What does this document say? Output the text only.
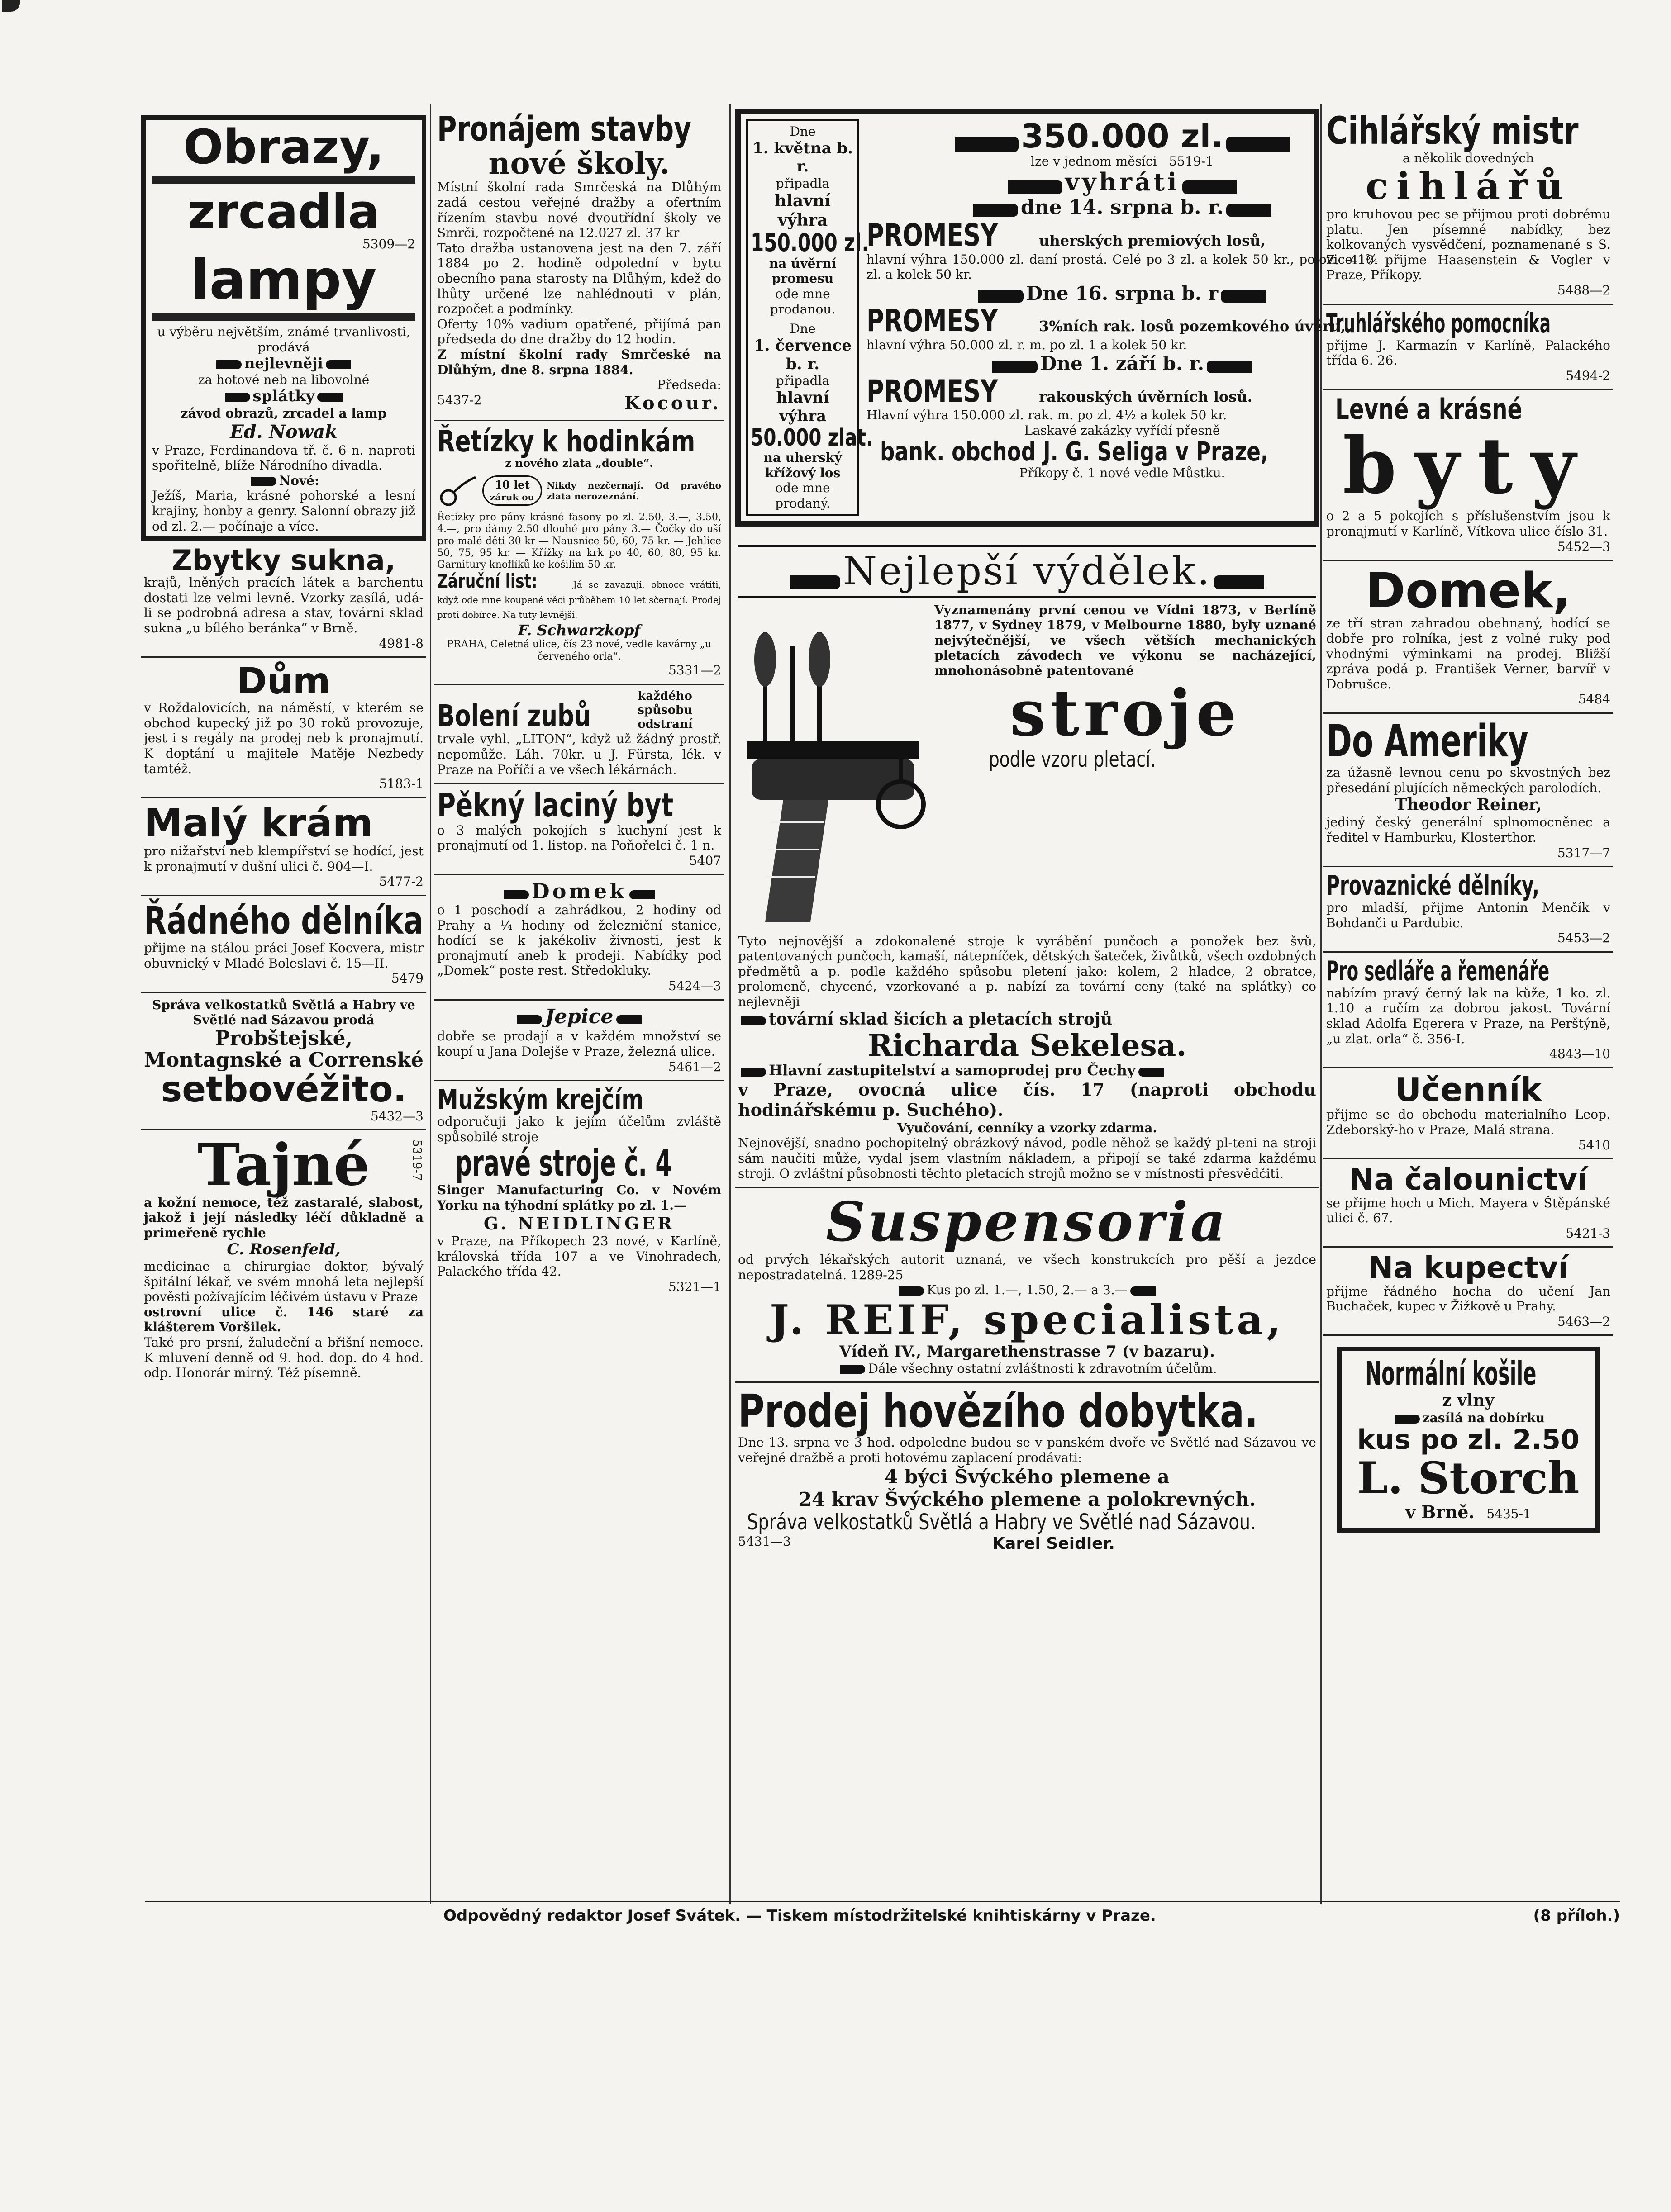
Obrazy,

zrcadla

5309—2

lampy

u výběru největším, známé trvanlivosti, prodává

nejlevněji

za hotové neb na libovolné

splátky

závod obrazů, zrcadel a lamp

Ed. Nowak

v Praze, Ferdinandova tř. č. 6 n. naproti spořitelně, blíže Národního divadla.

Nové:

Ježíš, Maria, krásné pohorské a lesní krajiny, honby a genry. Salonní obrazy již od zl. 2.— počínaje a více.

Zbytky sukna,

krajů, lněných pracích látek a barchentu dostati lze velmi levně. Vzorky zasílá, udá-li se podrobná adresa a stav, továrni sklad sukna „u bílého beránka“ v Brně.

4981-8

Dům

v Roždalovicích, na náměstí, v kterém se obchod kupecký již po 30 roků provozuje, jest i s regály na prodej neb k pronajmutí. K doptání u majitele Matěje Nezbedy tamtéž.

5183-1

Malý krám

pro nižařství neb klempířství se hodící, jest k pronajmutí v dušní ulici č. 904—I.

5477-2

Řádného dělníka

přijme na stálou práci Josef Kocvera, mistr obuvnický v Mladé Boleslavi č. 15—II.

5479

Správa velkostatků Světlá a Habry ve Světlé nad Sázavou prodá

Probštejské, Montagnské a Correnské

setbovéžito.

5432—3

Tajné	5319-7

a kožní nemoce, též zastaralé, slabost, jakož i její následky léčí důkladně a primeřeně rychle

C. Rosenfeld,

medicinae a chirurgiae doktor, bývalý špitální lékař, ve svém mnohá leta nejlepší pověsti požívajícím léčivém ústavu v Praze

ostrovní ulice č. 146 staré za klášterem Voršilek.

Také pro prsní, žaludeční a břišní nemoce. K mluvení denně od 9. hod. dop. do 4 hod. odp. Honorár mírný. Též písemně.

Pronájem stavby

nové školy.

Místní školní rada Smrčeská na Dlůhým zadá cestou veřejné dražby a ofertním řízením stavbu nové dvoutřídní školy ve Smrči, rozpočtené na 12.027 zl. 37 kr

Tato dražba ustanovena jest na den 7. září 1884 po 2. hodině odpolední v bytu obecního pana starosty na Dlůhým, kdež do lhůty určené lze nahlédnouti v plán, rozpočet a podmínky.

Oferty 10% vadium opatřené, přijímá pan předseda do dne dražby do 12 hodin.

Z místní školní rady Smrčeské na Dlůhým, dne 8. srpna 1884.

Předseda:

5437-2	Kocour.

Řetízky k hodinkám

z nového zlata „double“.

10 let
záruk ou

Nikdy nezčernají. Od pravého zlata nerozeznání.

Řetízky pro pány krásné fasony po zl. 2.50, 3.—, 3.50, 4.—, pro dámy 2.50 dlouhé pro pány 3.— Čočky do uší pro malé děti 30 kr — Nausnice 50, 60, 75 kr. — Jehlice 50, 75, 95 kr. — Křížky na krk po 40, 60, 80, 95 kr. Garnitury knoflíků ke košilím 50 kr.

Záruční list:	Já se zavazuji, obnoce vrátiti, když ode mne koupené věci průběhem 10 let sčernají. Prodej proti dobírce. Na tuty levnější.

F. Schwarzkopf

PRAHA, Celetná ulice, čís 23 nové, vedle kavárny „u červeného orla“.

5331—2

Bolení zubů

každého spůsobu odstraní

trvale vyhl. „LITON“, když už žádný prostř. nepomůže. Láh. 70kr. u J. Fürsta, lék. v Praze na Poříčí a ve všech lékárnách.

Pěkný laciný byt

o 3 malých pokojích s kuchyní jest k pronajmutí od 1. listop. na Poňořelci č. 1 n.

5407

Domek

o 1 poschodí a zahrádkou, 2 hodiny od Prahy a ¼ hodiny od železniční stanice, hodící se k jakékoliv živnosti, jest k pronajmutí aneb k prodeji. Nabídky pod „Domek“ poste rest. Středokluky.

5424—3

Jepice

dobře se prodají a v každém množství se koupí u Jana Dolejše v Praze, železná ulice.

5461—2

Mužským krejčím

odporučuji jako k jejím účelům zvláště spůsobilé stroje

pravé stroje č. 4

Singer Manufacturing Co. v Novém Yorku na týhodní splátky po zl. 1.—

G. NEIDLINGER

v Praze, na Příkopech 23 nové, v Karlíně, královská třída 107 a ve Vinohradech, Palackého třída 42.

5321—1

Dne

1. května b. r.

připadla

hlavní výhra

150.000 zl.

na úvěrní promesu

ode mne prodanou.

Dne

1. července b. r.

připadla

hlavní výhra

50.000 zlat.

na uherský křížový los

ode mne prodaný.

350.000 zl.

lze v jednom měsíci 5519-1

vyhráti

dne 14. srpna b. r.

PROMESY	uherských premiových losů,

hlavní výhra 150.000 zl. daní prostá. Celé po 3 zl. a kolek 50 kr., polovice 1¾ zl. a kolek 50 kr.

Dne 16. srpna b. r

PROMESY	3%ních rak. losů pozemkového úvěru,

hlavní výhra 50.000 zl. r. m. po zl. 1 a kolek 50 kr.

Dne 1. září b. r.

PROMESY	rakouských úvěrních losů.

Hlavní výhra 150.000 zl. rak. m. po zl. 4½ a kolek 50 kr.

Laskavé zakázky vyřídí přesně

bank. obchod J. G. Seliga v Praze,

Příkopy č. 1 nové vedle Můstku.

Nejlepší výdělek.

Vyznamenány první cenou ve Vídni 1873, v Berlíně 1877, v Sydney 1879, v Melbourne 1880, byly uznané nejvýtečnější, ve všech větších mechanických pletacích závodech ve výkonu se nacházející, mnohonásobně patentované

stroje

podle vzoru pletací.

Tyto nejnovější a zdokonalené stroje k vyrábění punčoch a ponožek bez švů, patentovaných punčoch, kamaší, nátepníček, dětských šateček, živůtků, všech ozdobných předmětů a p. podle každého spůsobu pletení jako: kolem, 2 hladce, 2 obratce, prolomeně, chycené, vzorkované a p. nabízí za tovární ceny (také na splátky) co nejlevněji

tovární sklad šicích a pletacích strojů

Richarda Sekelesa.

Hlavní zastupitelství a samoprodej pro Čechy

v Praze, ovocná ulice čís. 17 (naproti obchodu hodinářskému p. Suchého).

Vyučování, cenníky a vzorky zdarma.

Nejnovější, snadno pochopitelný obrázkový návod, podle něhož se každý pl-teni na stroji sám naučiti může, vydal jsem vlastním nákladem, a připojí se také zdarma každému stroji. O zvláštní působnosti těchto pletacích strojů možno se v místnosti přesvědčiti.

Suspensoria

od prvých lékařských autorit uznaná, ve všech konstrukcích pro pěší a jezdce nepostradatelná. 1289-25

Kus po zl. 1.—, 1.50, 2.— a 3.—

J. REIF, specialista,

Vídeň IV., Margarethenstrasse 7 (v bazaru).

Dále všechny ostatní zvláštnosti k zdravotním účelům.

Prodej hovězího dobytka.

Dne 13. srpna ve 3 hod. odpoledne budou se v panském dvoře ve Světlé nad Sázavou ve veřejné dražbě a proti hotovému zaplacení prodávati:

4 býci Švýckého plemene a

24 krav Švýckého plemene a polokrevných.

Správa velkostatků Světlá a Habry ve Světlé nad Sázavou.

5431—3	Karel Seidler.

Cihlářský mistr

a několik dovedných

cihlářů

pro kruhovou pec se přijmou proti dobrému platu. Jen písemné nabídky, bez kolkovaných vysvědčení, poznamenané s S. Z. 410 přijme Haasenstein & Vogler v Praze, Příkopy.

5488—2

Truhlářského pomocníka

přijme J. Karmazín v Karlíně, Palackého třída 6. 26.

5494-2

Levné a krásné

byty

o 2 a 5 pokojích s příslušenstvím jsou k pronajmutí v Karlíně, Vítkova ulice číslo 31.

5452—3

Domek,

ze tří stran zahradou obehnaný, hodící se dobře pro rolníka, jest z volné ruky pod vhodnými výminkami na prodej. Bližší zpráva podá p. František Verner, barvíř v Dobrušce.

5484

Do Ameriky

za úžasně levnou cenu po skvostných bez přesedání plujících německých parolodích.

Theodor Reiner,

jediný český generální splnomocněnec a ředitel v Hamburku, Klosterthor.

5317—7

Provaznické dělníky,

pro mladší, přijme Antonín Menčík v Bohdanči u Pardubic.

5453—2

Pro sedláře a řemenáře

nabízím pravý černý lak na kůže, 1 ko. zl. 1.10 a ručím za dobrou jakost. Tovární sklad Adolfa Egerera v Praze, na Perštýně, „u zlat. orla“ č. 356-I.

4843—10

Učenník

přijme se do obchodu materialního Leop. Zdeborský-ho v Praze, Malá strana.

5410

Na čalounictví

se přijme hoch u Mich. Mayera v Štěpánské ulici č. 67.

5421-3

Na kupectví

přijme řádného hocha do učení Jan Buchaček, kupec v Žižkově u Prahy.

5463—2

Normální košile

z vlny

zasílá na dobírku

kus po zl. 2.50

L. Storch

v Brně. 5435-1

Odpovědný redaktor Josef Svátek. — Tiskem místodržitelské knihtiskárny v Praze.	(8 příloh.)
